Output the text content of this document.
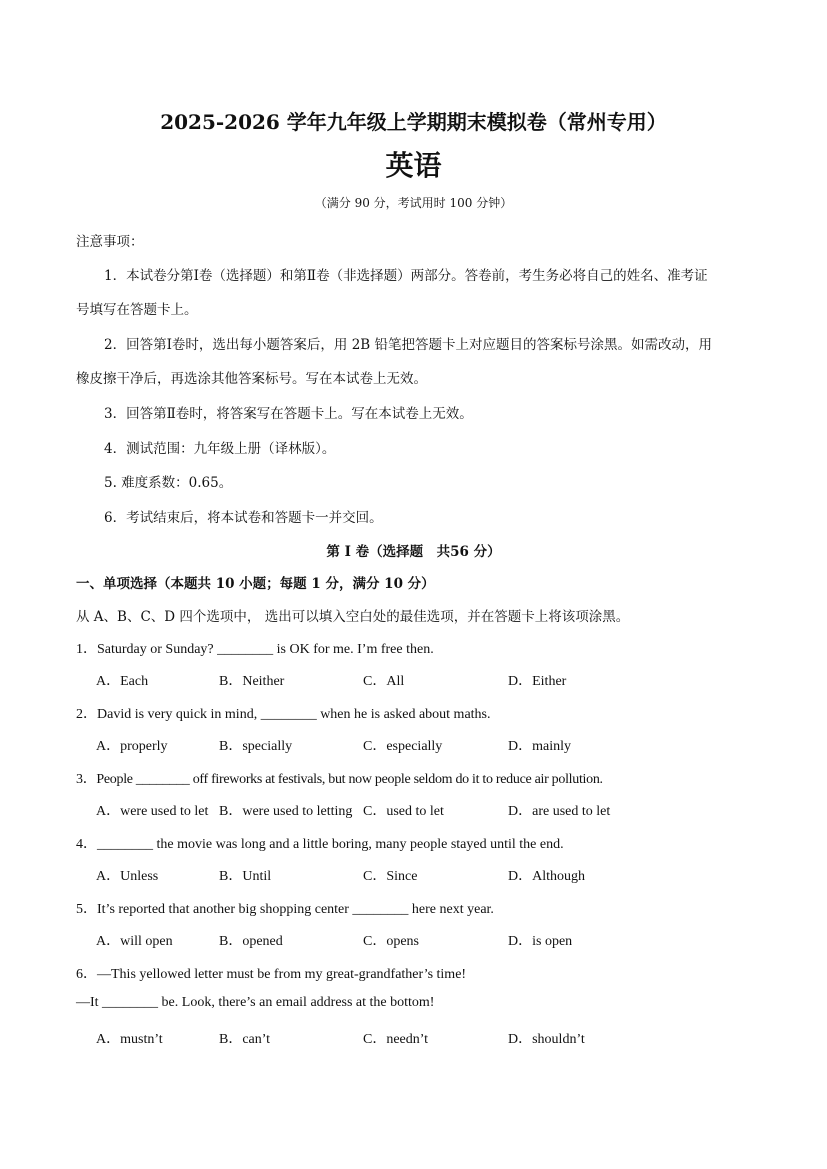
2025-2026 学年九年级上学期期末模拟卷（常州专用）
英语
（满分 90 分，考试用时 100 分钟）
注意事项：
1．本试卷分第Ⅰ卷（选择题）和第Ⅱ卷（非选择题）两部分。答卷前，考生务必将自己的姓名、准考证
号填写在答题卡上。
2．回答第Ⅰ卷时，选出每小题答案后，用 2B 铅笔把答题卡上对应题目的答案标号涂黑。如需改动，用
橡皮擦干净后，再选涂其他答案标号。写在本试卷上无效。
3．回答第Ⅱ卷时，将答案写在答题卡上。写在本试卷上无效。
4．测试范围：九年级上册（译林版）。
5. 难度系数：0.65。
6．考试结束后，将本试卷和答题卡一并交回。
第 I 卷（选择题　共56 分）
一、单项选择（本题共 10 小题；每题 1 分，满分 10 分）
从 A、B、C、D 四个选项中， 选出可以填入空白处的最佳选项，并在答题卡上将该项涂黑。
1．Saturday or Sunday? ________ is OK for me. I’m free then.
A．Each	B．Neither	C．All	D．Either
2．David is very quick in mind, ________ when he is asked about maths.
A．properly	B．specially	C．especially	D．mainly
3．People ________ off fireworks at festivals, but now people seldom do it to reduce air pollution.
A．were used to let B．were used to letting C．used to let	D．are used to let
4．________ the movie was long and a little boring, many people stayed until the end.
A．Unless	B．Until	C．Since	D．Although
5．It’s reported that another big shopping center ________ here next year.
A．will open	B．opened	C．opens	D．is open
6．—This yellowed letter must be from my great-grandfather’s time!
—It ________ be. Look, there’s an email address at the bottom!
A．mustn’t	B．can’t	C．needn’t	D．shouldn’t
